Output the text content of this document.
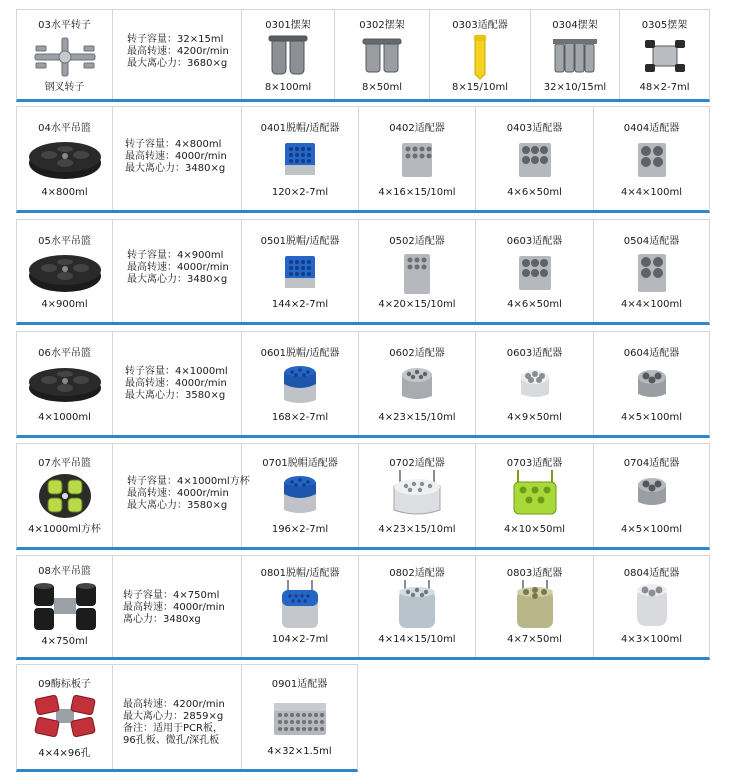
03水平转子
钢叉转子
转子容量：32×15ml
最高转速：4200r/min
最大离心力：3680×g
0301摆架
8×100ml
0302摆架
8×50ml
0303适配器
8×15/10ml
0304摆架
32×10/15ml
0305摆架
48×2-7ml
04水平吊篮
4×800ml
转子容量：4×800ml
最高转速：4000r/min
最大离心力：3480×g
0401脱帽/适配器
120×2-7ml
0402适配器
4×16×15/10ml
0403适配器
4×6×50ml
0404适配器
4×4×100ml
05水平吊篮
4×900ml
转子容量：4×900ml
最高转速：4000r/min
最大离心力：3480×g
0501脱帽/适配器
144×2-7ml
0502适配器
4×20×15/10ml
0603适配器
4×6×50ml
0504适配器
4×4×100ml
06水平吊篮
4×1000ml
转子容量：4×1000ml
最高转速：4000r/min
最大离心力：3580×g
0601脱帽/适配器
168×2-7ml
0602适配器
4×23×15/10ml
0603适配器
4×9×50ml
0604适配器
4×5×100ml
07水平吊篮
4×1000ml方杯
转子容量：4×1000ml方杯
最高转速：4000r/min
最大离心力：3580×g
0701脱帽适配器
196×2-7ml
0702适配器
4×23×15/10ml
0703适配器
4×10×50ml
0704适配器
4×5×100ml
08水平吊篮
4×750ml
转子容量：4×750ml
最高转速：4000r/min
离心力：3480xg
0801脱帽/适配器
104×2-7ml
0802适配器
4×14×15/10ml
0803适配器
4×7×50ml
0804适配器
4×3×100ml
09酶标板子
4×4×96孔
最高转速：4200r/min
最大离心力：2859×g
备注：适用于PCR板，
96孔板、微孔/深孔板
0901适配器
4×32×1.5ml
